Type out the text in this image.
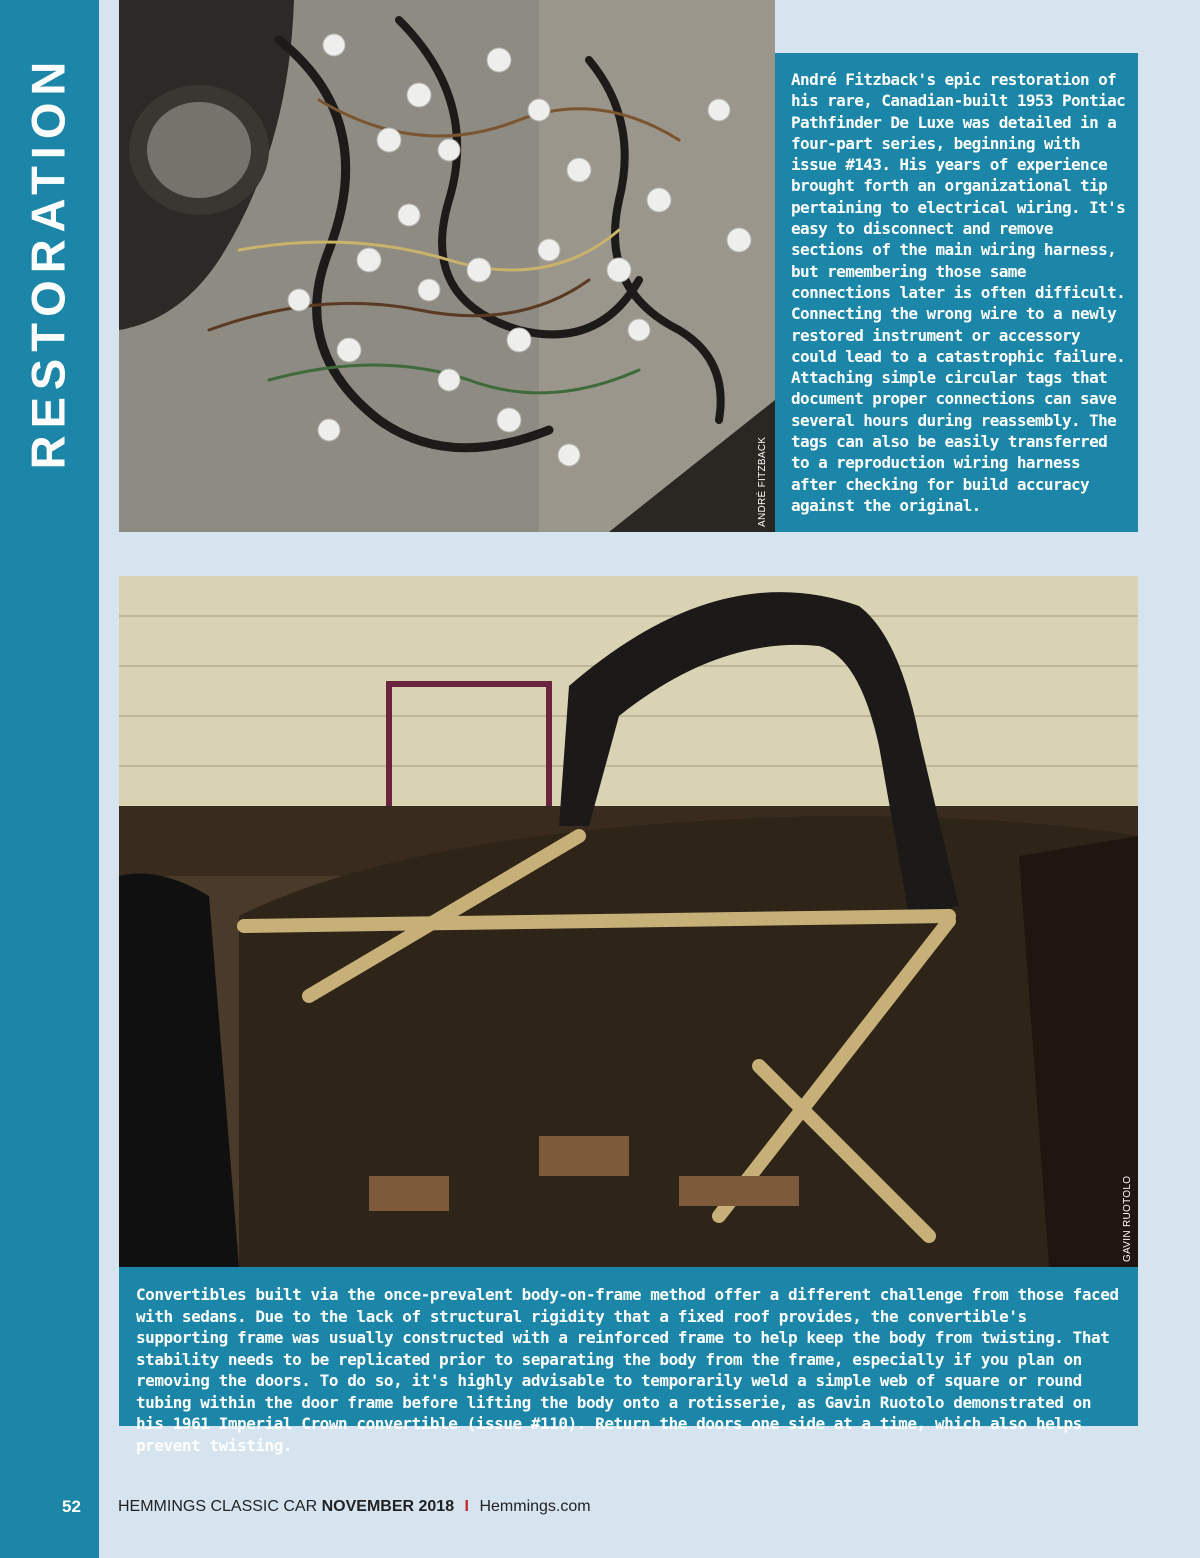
RESTORATION
52
ANDRÉ FITZBACK
André Fitzback's epic restoration of his rare, Canadian-built 1953 Pontiac Pathfinder De Luxe was detailed in a four-part series, beginning with issue #143. His years of experience brought forth an organizational tip pertaining to electrical wiring. It's easy to disconnect and remove sections of the main wiring harness, but remembering those same connections later is often difficult. Connecting the wrong wire to a newly restored instrument or accessory could lead to a catastrophic failure. Attaching simple circular tags that document proper connections can save several hours during reassembly. The tags can also be easily transferred to a reproduction wiring harness after checking for build accuracy against the original.
GAVIN RUOTOLO
Convertibles built via the once-prevalent body-on-frame method offer a different challenge from those faced with sedans. Due to the lack of structural rigidity that a fixed roof provides, the convertible's supporting frame was usually constructed with a reinforced frame to help keep the body from twisting. That stability needs to be replicated prior to separating the body from the frame, especially if you plan on removing the doors. To do so, it's highly advisable to temporarily weld a simple web of square or round tubing within the door frame before lifting the body onto a rotisserie, as Gavin Ruotolo demonstrated on his 1961 Imperial Crown convertible (issue #110). Return the doors one side at a time, which also helps prevent twisting.
HEMMINGS CLASSIC CAR NOVEMBER 2018 I Hemmings.com
